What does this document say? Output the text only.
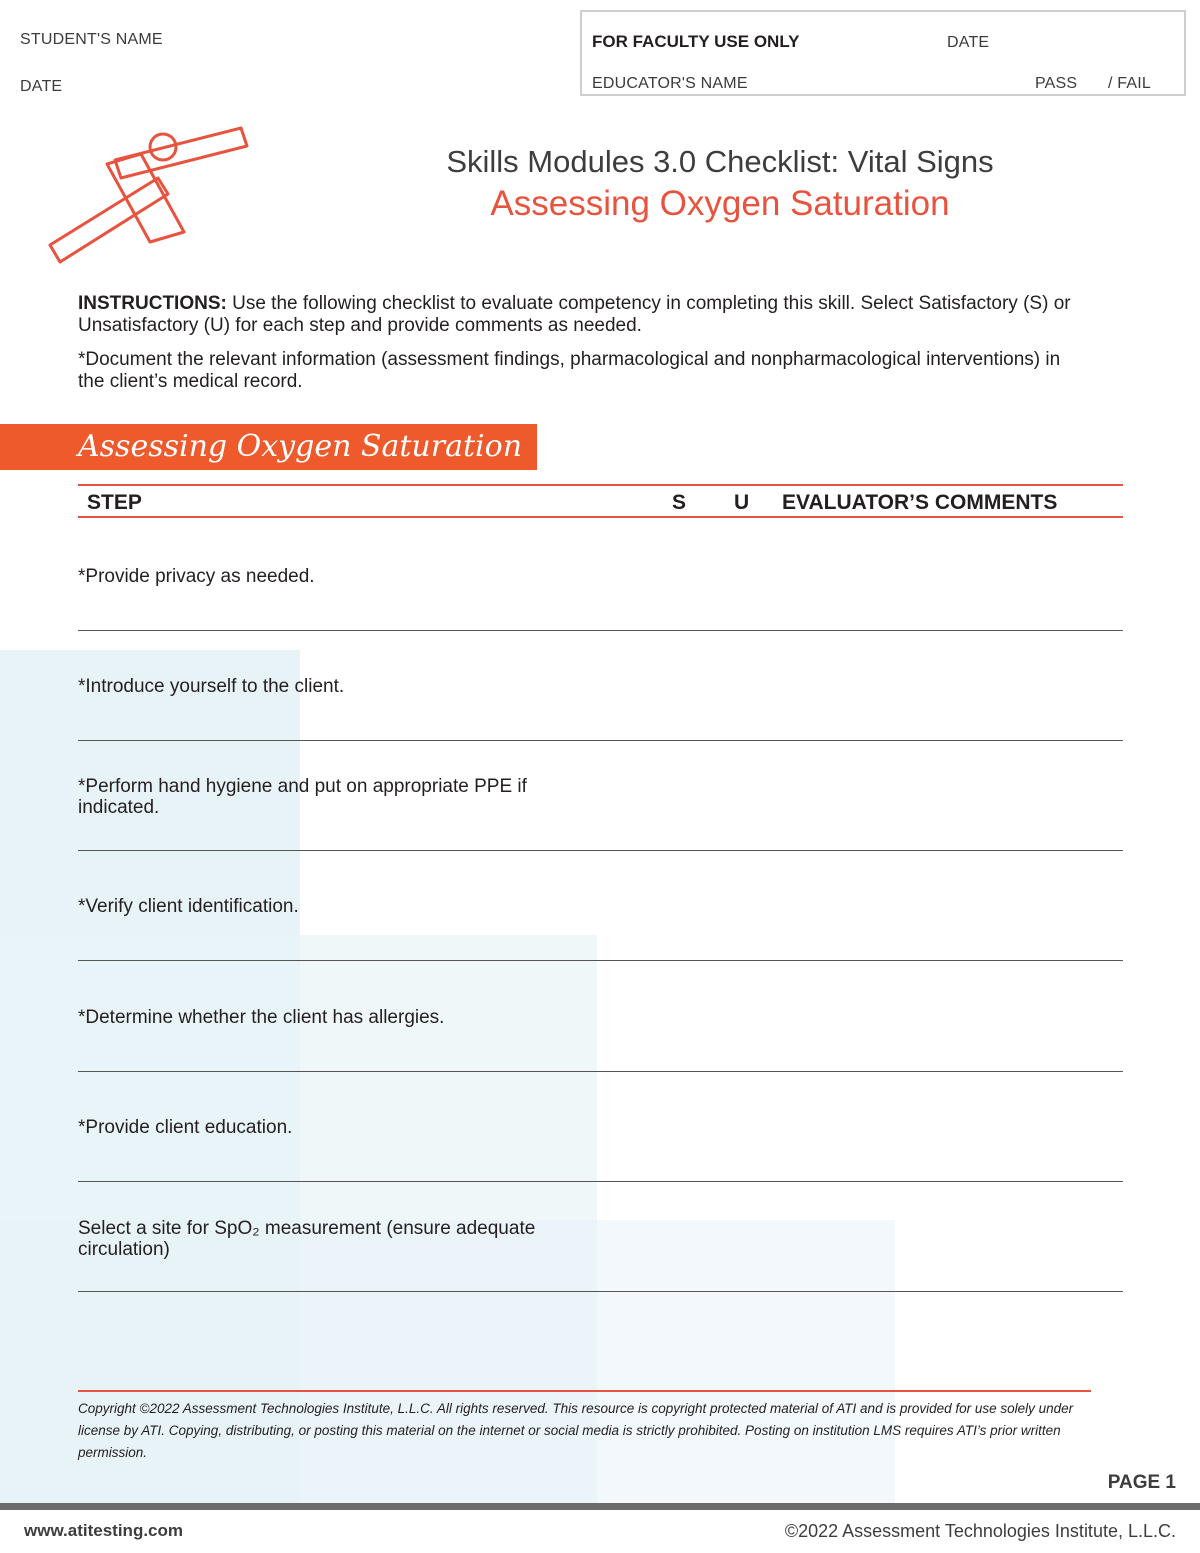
STUDENT'S NAME
DATE
FOR FACULTY USE ONLY	DATE
EDUCATOR'S NAME	PASS / FAIL
Skills Modules 3.0 Checklist: Vital Signs
Assessing Oxygen Saturation

INSTRUCTIONS: Use the following checklist to evaluate competency in completing this skill. Select Satisfactory (S) or Unsatisfactory (U) for each step and provide comments as needed.

*Document the relevant information (assessment findings, pharmacological and nonpharmacological interventions) in the client’s medical record.

Assessing Oxygen Saturation
STEP	S U EVALUATOR’S COMMENTS
*Provide privacy as needed.
*Introduce yourself to the client.
*Perform hand hygiene and put on appropriate PPE if indicated.
*Verify client identification.
*Determine whether the client has allergies.
*Provide client education.
Select a site for SpO₂ measurement (ensure adequate circulation)
Copyright ©2022 Assessment Technologies Institute, L.L.C. All rights reserved. This resource is copyright protected material of ATI and is provided for use solely under license by ATI. Copying, distributing, or posting this material on the internet or social media is strictly prohibited. Posting on institution LMS requires ATI’s prior written permission.
PAGE 1
www.atitesting.com	©2022 Assessment Technologies Institute, L.L.C.
